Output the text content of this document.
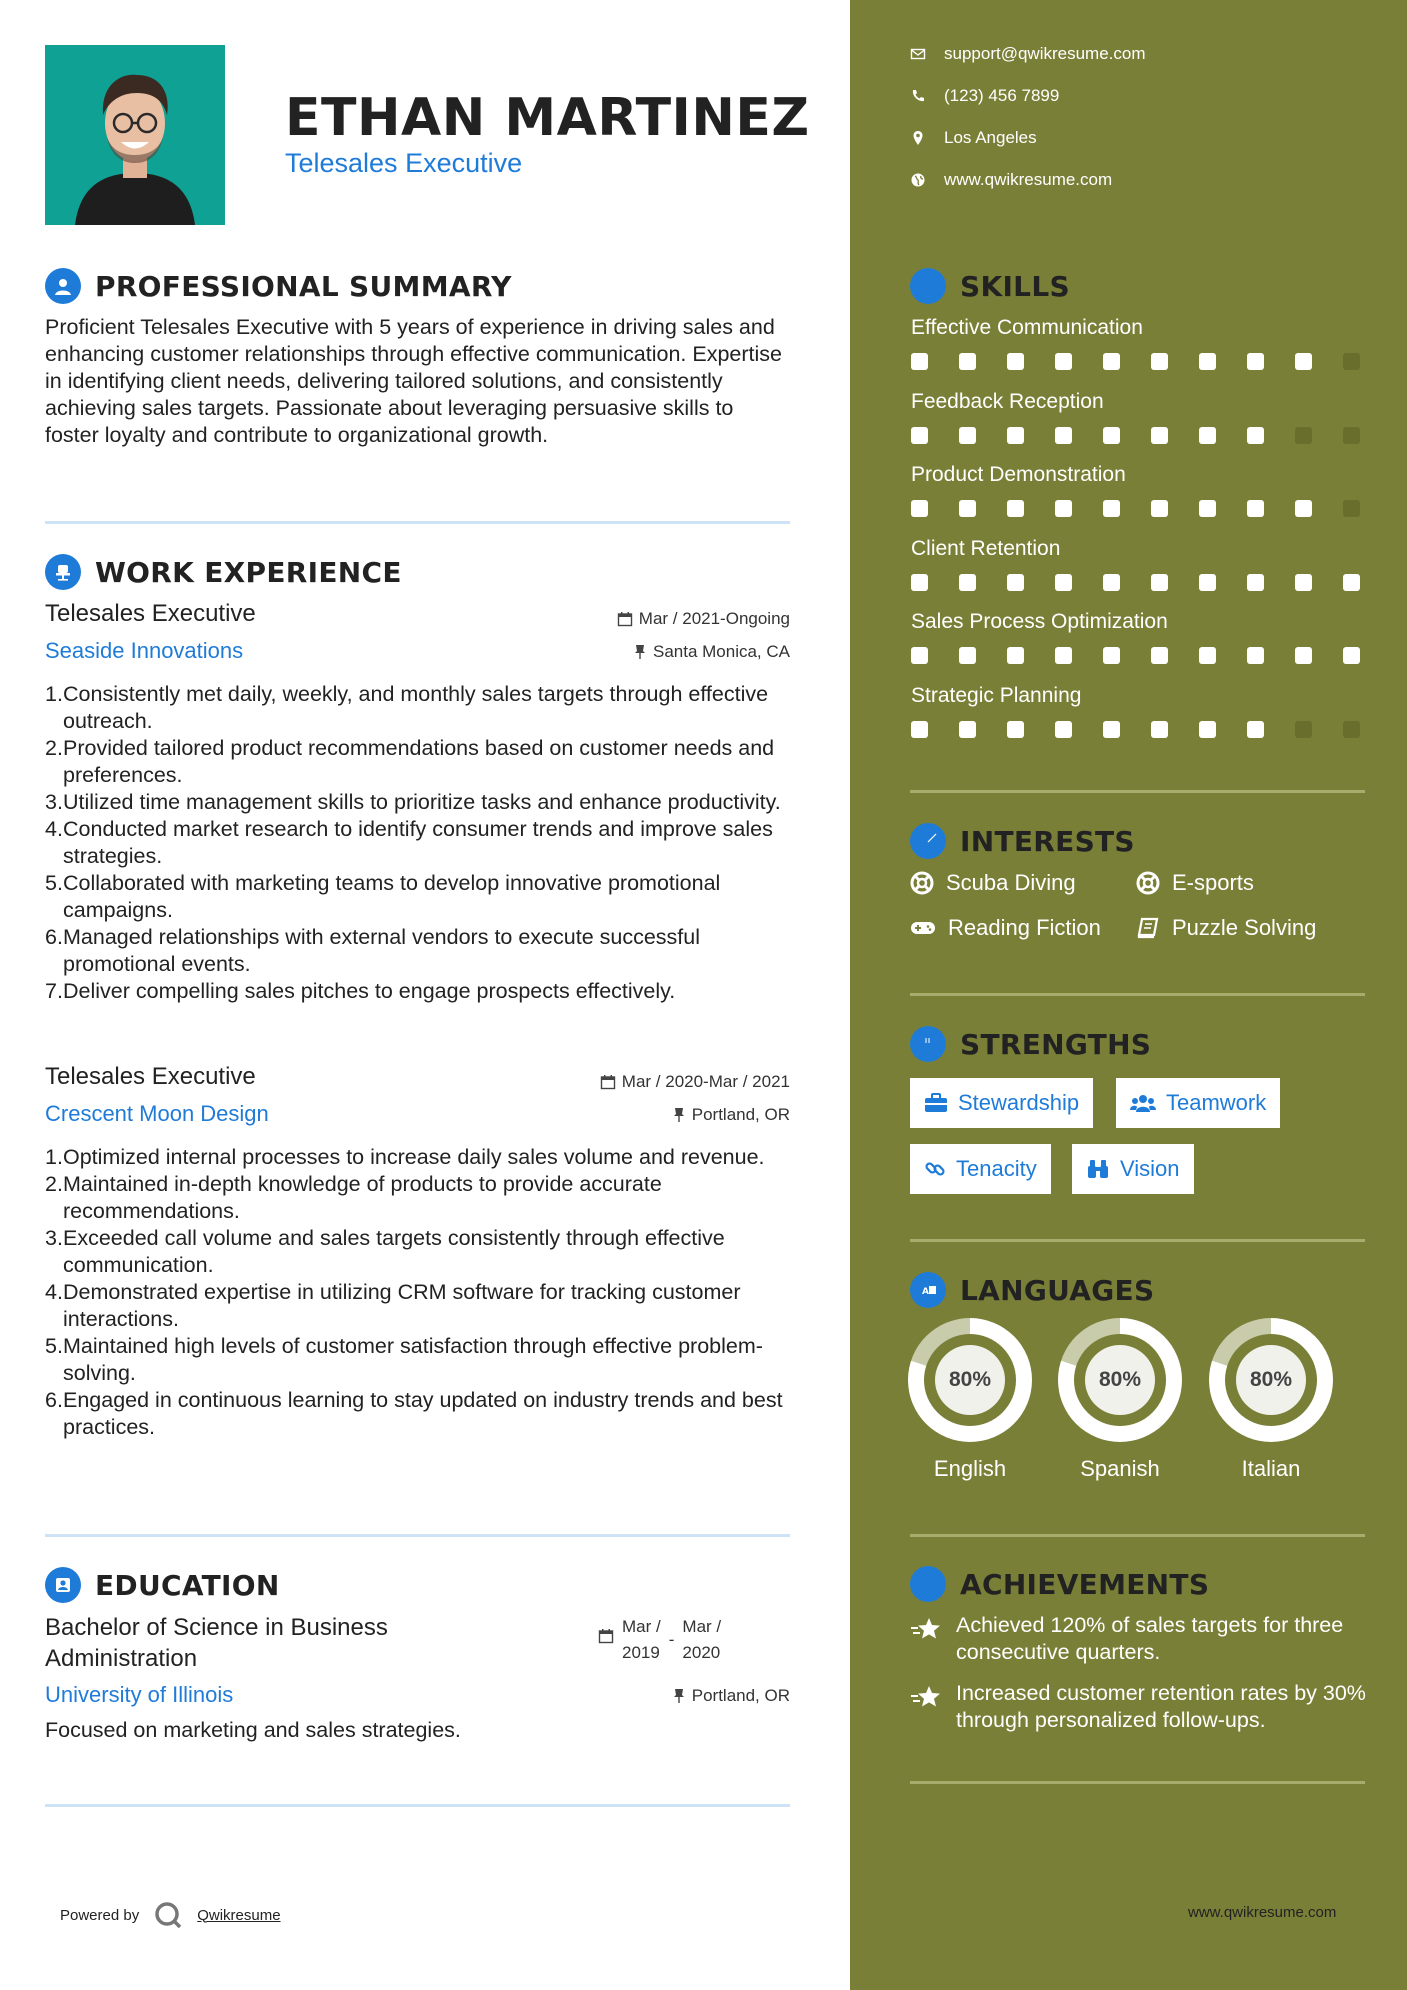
ETHAN MARTINEZ
Telesales Executive
PROFESSIONAL SUMMARY
Proficient Telesales Executive with 5 years of experience in driving sales and enhancing customer relationships through effective communication. Expertise in identifying client needs, delivering tailored solutions, and consistently achieving sales targets. Passionate about leveraging persuasive skills to foster loyalty and contribute to organizational growth.
WORK EXPERIENCE
Telesales Executive	Mar / 2021-Ongoing
Seaside Innovations	Santa Monica, CA
1. Consistently met daily, weekly, and monthly sales targets through effective outreach.
2. Provided tailored product recommendations based on customer needs and preferences.
3. Utilized time management skills to prioritize tasks and enhance productivity.
4. Conducted market research to identify consumer trends and improve sales strategies.
5. Collaborated with marketing teams to develop innovative promotional campaigns.
6. Managed relationships with external vendors to execute successful promotional events.
7. Deliver compelling sales pitches to engage prospects effectively.
Telesales Executive	Mar / 2020-Mar / 2021
Crescent Moon Design	Portland, OR
1. Optimized internal processes to increase daily sales volume and revenue.
2. Maintained in-depth knowledge of products to provide accurate recommendations.
3. Exceeded call volume and sales targets consistently through effective communication.
4. Demonstrated expertise in utilizing CRM software for tracking customer interactions.
5. Maintained high levels of customer satisfaction through effective problem-solving.
6. Engaged in continuous learning to stay updated on industry trends and best practices.
EDUCATION
Bachelor of Science in Business Administration
Mar /
2019
-
Mar /
2020
University of Illinois	Portland, OR
Focused on marketing and sales strategies.
Powered by	Qwikresume
support@qwikresume.com
(123) 456 7899
Los Angeles
www.qwikresume.com
SKILLS
Effective Communication
Feedback Reception
Product Demonstration
Client Retention
Sales Process Optimization
Strategic Planning
INTERESTS
Scuba Diving	E-sports
Reading Fiction	Puzzle Solving
STRENGTHS
Stewardship	Teamwork
Tenacity	Vision
A LANGUAGES
80%
English
80%
Spanish
80%
Italian
ACHIEVEMENTS
Achieved 120% of sales targets for three consecutive quarters.
Increased customer retention rates by 30% through personalized follow-ups.
www.qwikresume.com
